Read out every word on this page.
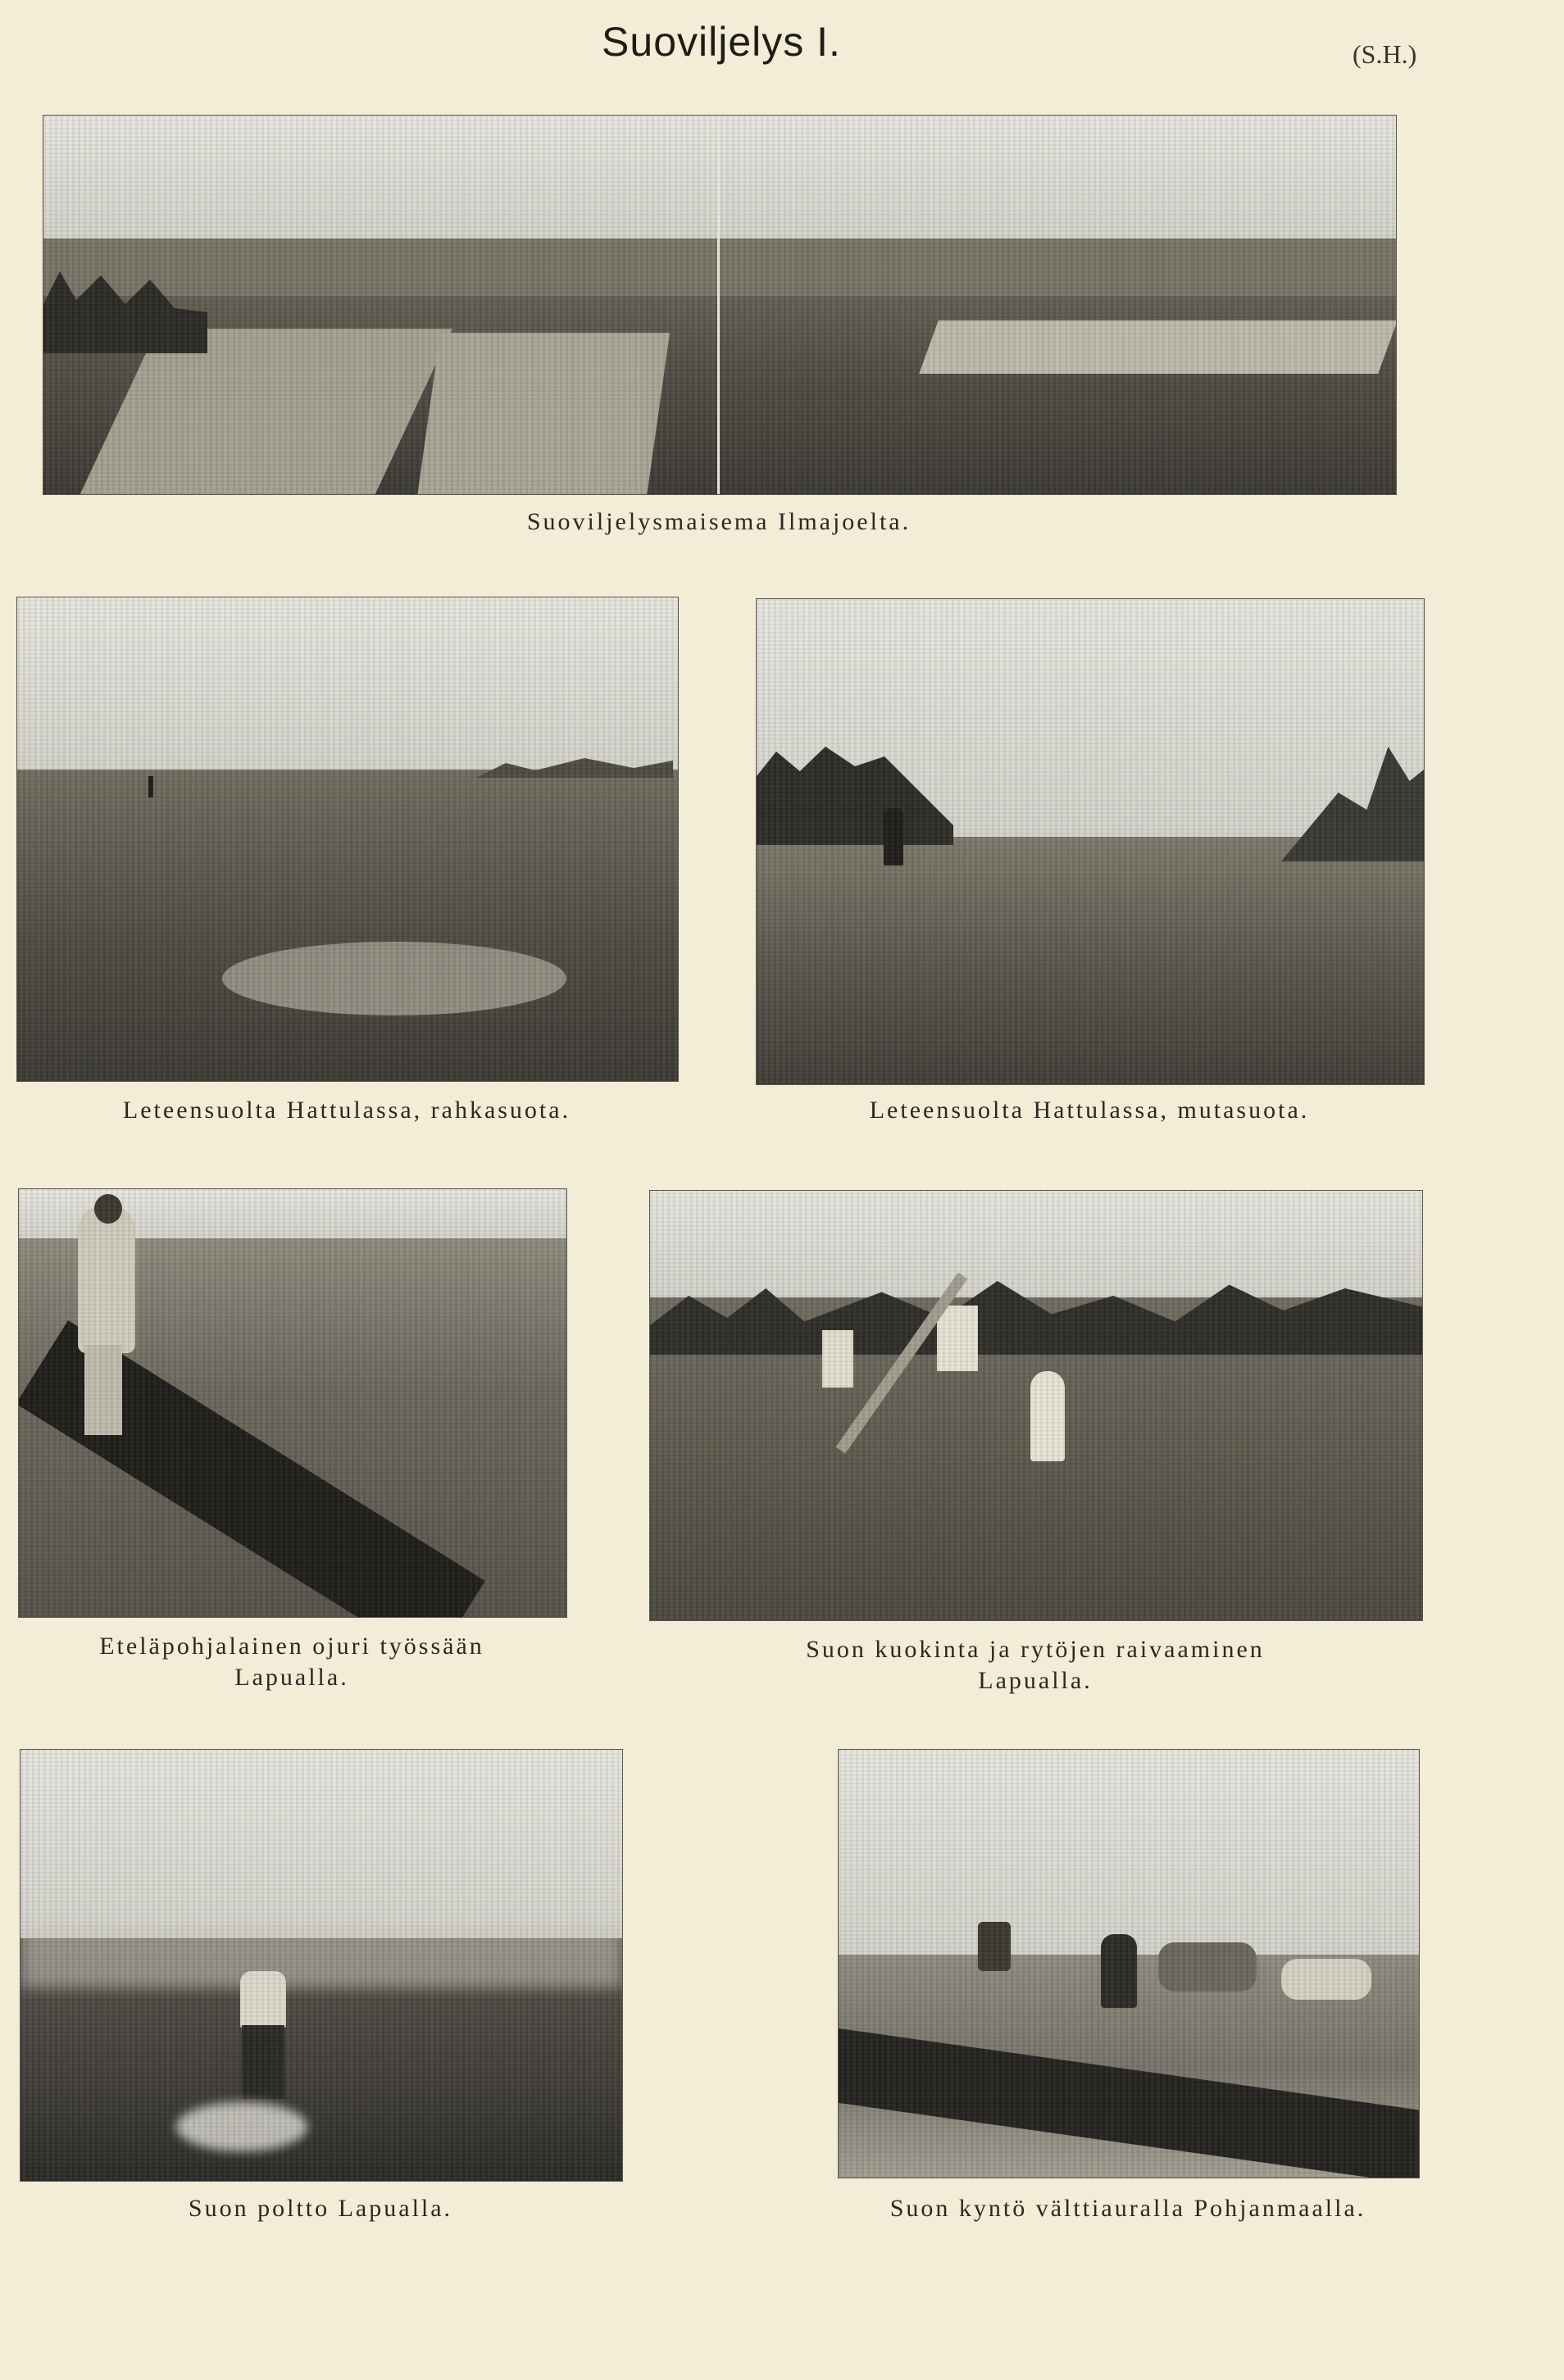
Suoviljelys I.	(S.H.)
Suoviljelysmaisema Ilmajoelta.
Leteensuolta Hattulassa, rahkasuota.	Leteensuolta Hattulassa, mutasuota.
Eteläpohjalainen ojuri työssään
Lapualla.
Suon kuokinta ja rytöjen raivaaminen
Lapualla.
Suon poltto Lapualla.	Suon kyntö välttiauralla Pohjanmaalla.
